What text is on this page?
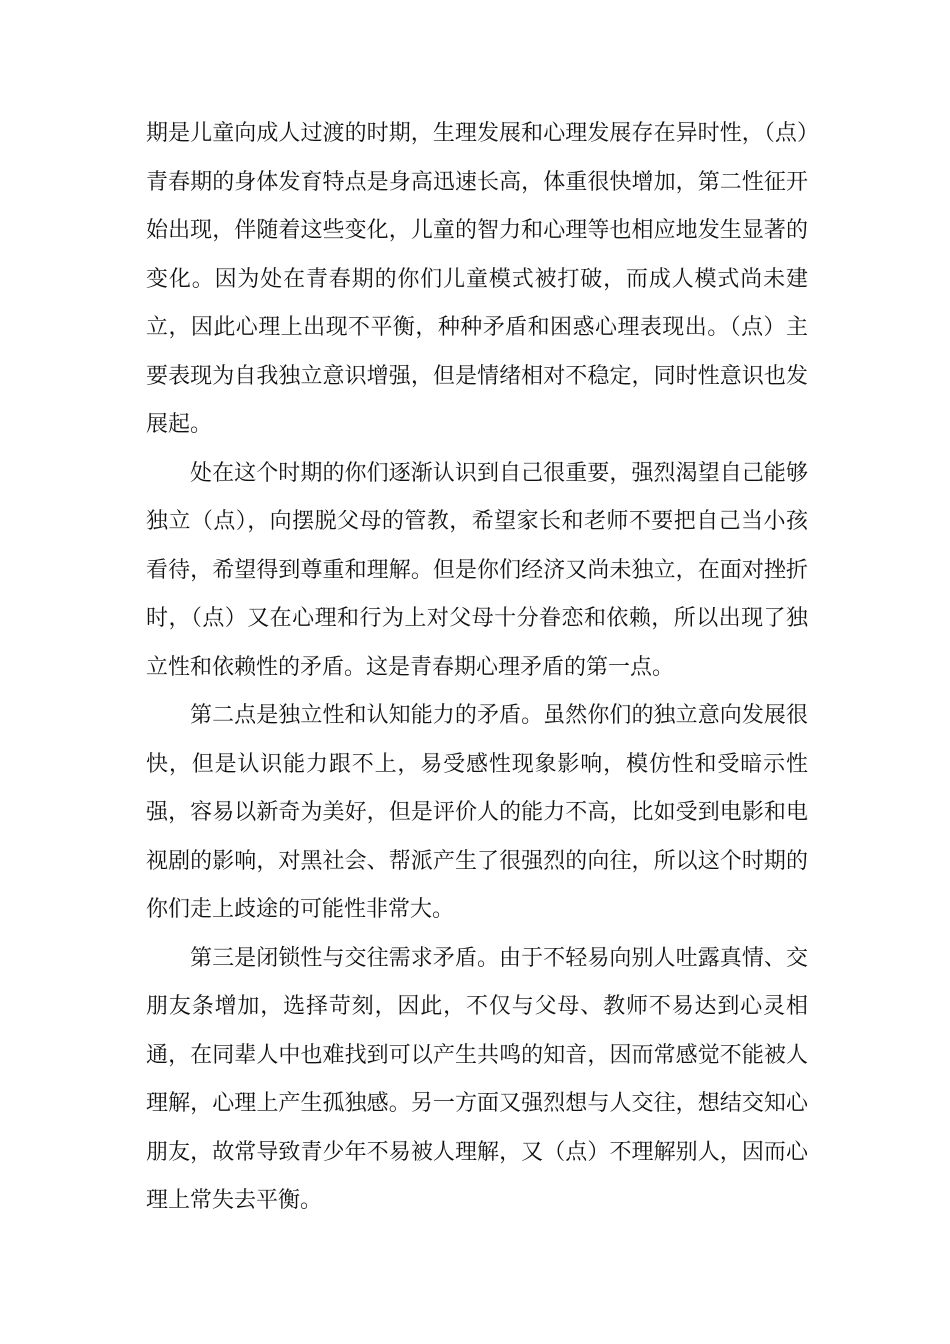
期是儿童向成人过渡的时期，生理发展和心理发展存在异时性，（点）青春期的身体发育特点是身高迅速长高，体重很快增加，第二性征开始出现，伴随着这些变化，儿童的智力和心理等也相应地发生显著的变化。因为处在青春期的你们儿童模式被打破，而成人模式尚未建立，因此心理上出现不平衡，种种矛盾和困惑心理表现出。（点）主要表现为自我独立意识增强，但是情绪相对不稳定，同时性意识也发展起。

处在这个时期的你们逐渐认识到自己很重要，强烈渴望自己能够独立（点），向摆脱父母的管教，希望家长和老师不要把自己当小孩看待，希望得到尊重和理解。但是你们经济又尚未独立，在面对挫折时，（点）又在心理和行为上对父母十分眷恋和依赖，所以出现了独立性和依赖性的矛盾。这是青春期心理矛盾的第一点。

第二点是独立性和认知能力的矛盾。虽然你们的独立意向发展很快，但是认识能力跟不上，易受感性现象影响，模仿性和受暗示性强，容易以新奇为美好，但是评价人的能力不高，比如受到电影和电视剧的影响，对黑社会、帮派产生了很强烈的向往，所以这个时期的你们走上歧途的可能性非常大。

第三是闭锁性与交往需求矛盾。由于不轻易向别人吐露真情、交朋友条增加，选择苛刻，因此，不仅与父母、教师不易达到心灵相通，在同辈人中也难找到可以产生共鸣的知音，因而常感觉不能被人理解，心理上产生孤独感。另一方面又强烈想与人交往，想结交知心朋友，故常导致青少年不易被人理解，又（点）不理解别人，因而心理上常失去平衡。
